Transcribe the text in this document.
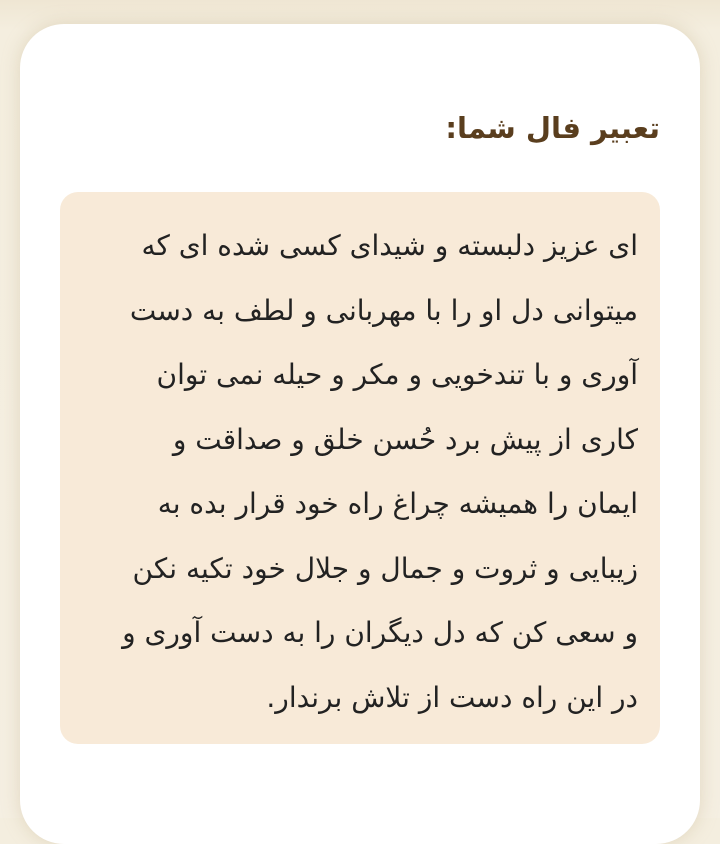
تعبیر فال شما:

ای عزیز دلبسته و شیدای کسی شده ای که
میتوانی دل او را با مهربانی و لطف به دست
آوری و با تندخویی و مکر و حیله نمی توان
کاری از پیش برد حُسن خلق و صداقت و
ایمان را همیشه چراغ راه خود قرار بده به
زیبایی و ثروت و جمال و جلال خود تکیه نکن
و سعی کن که دل دیگران را به دست آوری و
در این راه دست از تلاش برندار.
